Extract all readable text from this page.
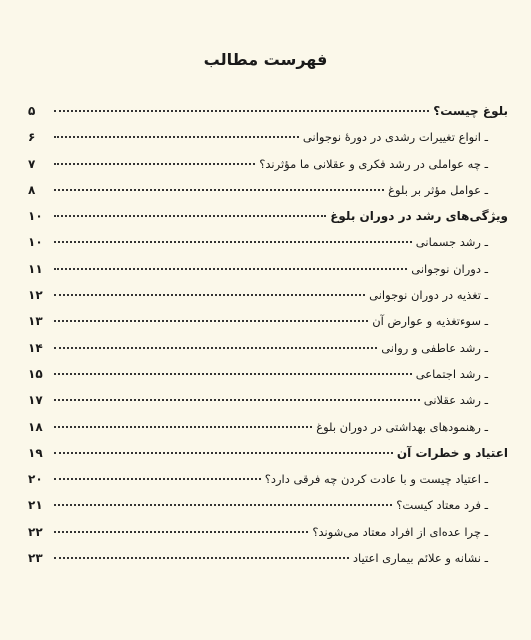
فهرست مطالب
بلوغ چیست؟
۵
ـ انواع تغییرات رشدی در دورهٔ نوجوانی
۶
ـ چه عواملی در رشد فکری و عقلانی ما مؤثرند؟
۷
ـ عوامل مؤثر بر بلوغ
۸
ویژگی‌های رشد در دوران بلوغ
۱۰
ـ رشد جسمانی
۱۰
ـ دوران نوجوانی
۱۱
ـ تغذیه در دوران نوجوانی
۱۲
ـ سوءتغذیه و عوارض آن
۱۳
ـ رشد عاطفی و روانی
۱۴
ـ رشد اجتماعی
۱۵
ـ رشد عقلانی
۱۷
ـ رهنمودهای بهداشتی در دوران بلوغ
۱۸
اعتیاد و خطرات آن
۱۹
ـ اعتیاد چیست و با عادت کردن چه فرقی دارد؟
۲۰
ـ فرد معتاد کیست؟
۲۱
ـ چرا عده‌ای از افراد معتاد می‌شوند؟
۲۲
ـ نشانه و علائم بیماری اعتیاد
۲۳
